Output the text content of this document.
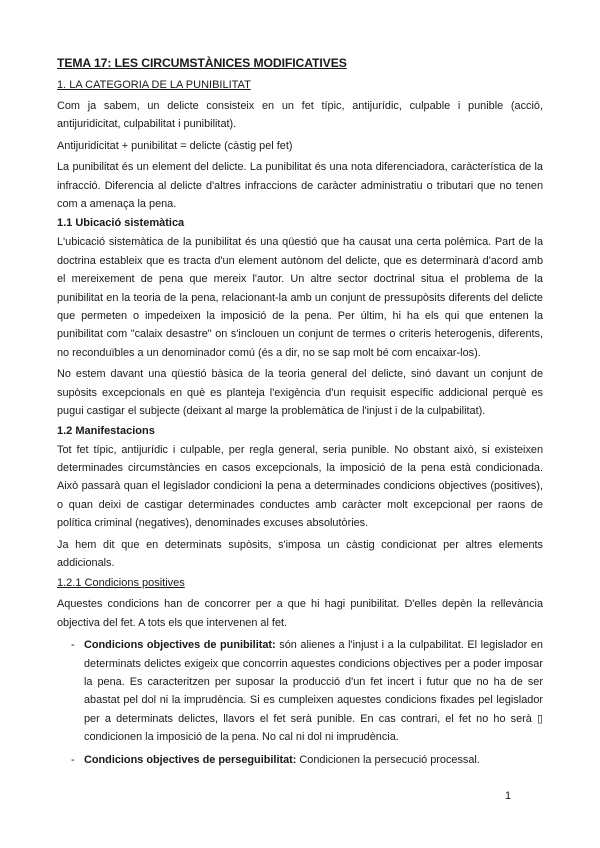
TEMA 17: LES CIRCUMSTÀNICES MODIFICATIVES
1. LA CATEGORIA DE LA PUNIBILITAT

Com ja sabem, un delicte consisteix en un fet típic, antijurídic, culpable i punible (acció, antijuridicitat, culpabilitat i punibilitat).

Antijuridicitat + punibilitat = delicte (càstig pel fet)

La punibilitat és un element del delicte. La punibilitat és una nota diferenciadora, caràcterística de la infracció. Diferencia al delicte d'altres infraccions de caràcter administratiu o tributari que no tenen com a amenaça la pena.

1.1 Ubicació sistemàtica

L'ubicació sistemàtica de la punibilitat és una qüestió que ha causat una certa polèmica. Part de la doctrina estableix que es tracta d'un element autònom del delicte, que es determinarà d'acord amb el mereixement de pena que mereix l'autor. Un altre sector doctrinal situa el problema de la punibilitat en la teoria de la pena, relacionant-la amb un conjunt de pressupòsits diferents del delicte que permeten o impedeixen la imposició de la pena. Per últim, hi ha els qui que entenen la punibilitat com "calaix desastre" on s'inclouen un conjunt de termes o criteris heterogenis, diferents, no reconduïbles a un denominador comú (és a dir, no se sap molt bé com encaixar-los).

No estem davant una qüestió bàsica de la teoria general del delicte, sinó davant un conjunt de supòsits excepcionals en què es planteja l'exigència d'un requisit específic addicional perquè es pugui castigar el subjecte (deixant al marge la problemàtica de l'injust i de la culpabilitat).

1.2 Manifestacions

Tot fet típic, antijurídic i culpable, per regla general, seria punible. No obstant això, si existeixen determinades circumstàncies en casos excepcionals, la imposició de la pena està condicionada. Això passarà quan el legislador condicioni la pena a determinades condicions objectives (positives), o quan deixi de castigar determinades conductes amb caràcter molt excepcional per raons de política criminal (negatives), denominades excuses absolutòries.

Ja hem dit que en determinats supòsits, s'imposa un càstig condicionat per altres elements addicionals.

1.2.1 Condicions positives

Aquestes condicions han de concorrer per a que hi hagi punibilitat. D'elles depèn la rellevància objectiva del fet. A tots els que intervenen al fet.

- Condicions objectives de punibilitat: són alienes a l'injust i a la culpabilitat. El legislador en determinats delictes exigeix que concorrin aquestes condicions objectives per a poder imposar la pena. Es caracteritzen per suposar la producció d'un fet incert i futur que no ha de ser abastat pel dol ni la imprudència. Si es cumpleixen aquestes condicions fixades pel legislador per a determinats delictes, llavors el fet serà punible. En cas contrari, el fet no ho serà ▯ condicionen la imposició de la pena. No cal ni dol ni imprudència.
- Condicions objectives de perseguibilitat: Condicionen la persecució processal.
1
